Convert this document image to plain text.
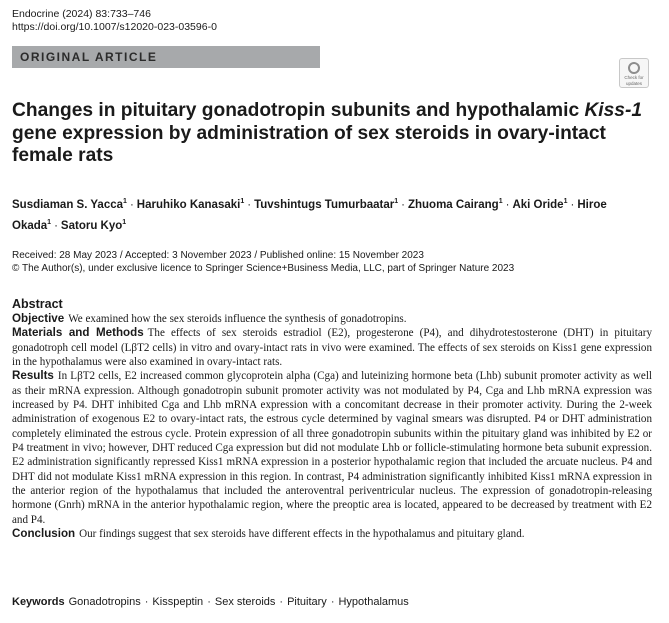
Endocrine (2024) 83:733–746
https://doi.org/10.1007/s12020-023-03596-0
ORIGINAL ARTICLE
Check for
updates
Changes in pituitary gonadotropin subunits and hypothalamic Kiss-1 gene expression by administration of sex steroids in ovary-intact female rats
Susdiaman S. Yacca$^1$ · Haruhiko Kanasaki$^1$ · Tuvshintugs Tumurbaatar$^1$ · Zhuoma Cairang$^1$ · Aki Oride$^1$ · Hiroe Okada$^1$ · Satoru Kyo$^1$
Received: 28 May 2023 / Accepted: 3 November 2023 / Published online: 15 November 2023
© The Author(s), under exclusive licence to Springer Science+Business Media, LLC, part of Springer Nature 2023
Abstract

Objective We examined how the sex steroids influence the synthesis of gonadotropins.

Materials and Methods The effects of sex steroids estradiol (E2), progesterone (P4), and dihydrotestosterone (DHT) in pituitary gonadotroph cell model (LβT2 cells) in vitro and ovary-intact rats in vivo were examined. The effects of sex steroids on Kiss1 gene expression in the hypothalamus were also examined in ovary-intact rats.

Results In LβT2 cells, E2 increased common glycoprotein alpha (Cga) and luteinizing hormone beta (Lhb) subunit promoter activity as well as their mRNA expression. Although gonadotropin subunit promoter activity was not modulated by P4, Cga and Lhb mRNA expression was increased by P4. DHT inhibited Cga and Lhb mRNA expression with a concomitant decrease in their promoter activity. During the 2-week administration of exogenous E2 to ovary-intact rats, the estrous cycle determined by vaginal smears was disrupted. P4 or DHT administration completely eliminated the estrous cycle. Protein expression of all three gonadotropin subunits within the pituitary gland was inhibited by E2 or P4 treatment in vivo; however, DHT reduced Cga expression but did not modulate Lhb or follicle-stimulating hormone beta subunit expression. E2 administration significantly repressed Kiss1 mRNA expression in a posterior hypothalamic region that included the arcuate nucleus. P4 and DHT did not modulate Kiss1 mRNA expression in this region. In contrast, P4 administration significantly inhibited Kiss1 mRNA expression in the anterior region of the hypothalamus that included the anteroventral periventricular nucleus. The expression of gonadotropin-releasing hormone (Gnrh) mRNA in the anterior hypothalamic region, where the preoptic area is located, appeared to be decreased by treatment with E2 and P4.

Conclusion Our findings suggest that sex steroids have different effects in the hypothalamus and pituitary gland.

Keywords Gonadotropins · Kisspeptin · Sex steroids · Pituitary · Hypothalamus
